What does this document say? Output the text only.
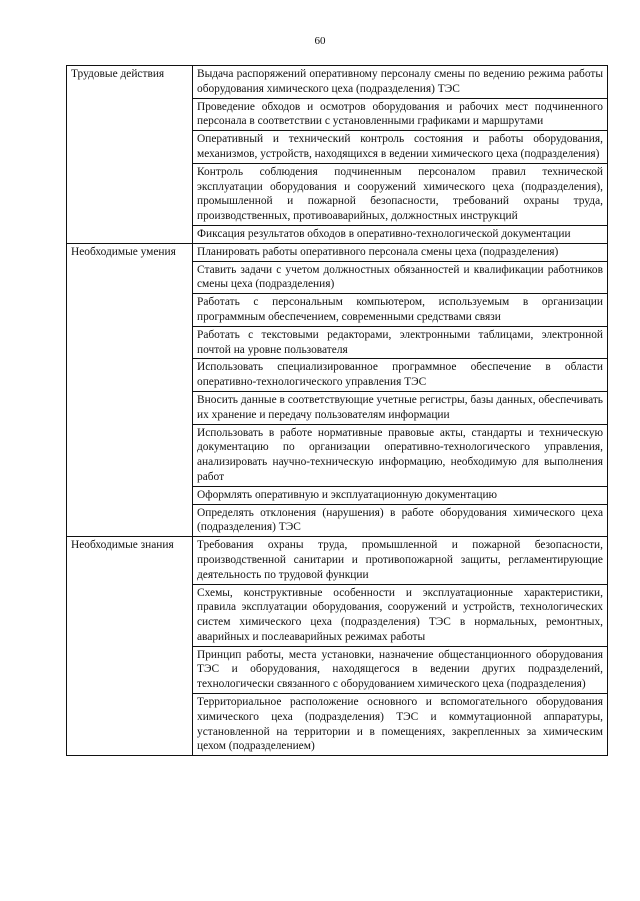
60
Трудовые действия	Выдача распоряжений оперативному персоналу смены по ведению режима работы оборудования химического цеха (подразделения) ТЭС

	Проведение обходов и осмотров оборудования и рабочих мест подчиненного персонала в соответствии с установленными графиками и маршрутами

	Оперативный и технический контроль состояния и работы оборудования, механизмов, устройств, находящихся в ведении химического цеха (подразделения)

	Контроль соблюдения подчиненным персоналом правил технической эксплуатации оборудования и сооружений химического цеха (подразделения), промышленной и пожарной безопасности, требований охраны труда, производственных, противоаварийных, должностных инструкций

	Фиксация результатов обходов в оперативно-технологической документации

Необходимые умения	Планировать работы оперативного персонала смены цеха (подразделения)

	Ставить задачи с учетом должностных обязанностей и квалификации работников смены цеха (подразделения)

	Работать с персональным компьютером, используемым в организации программным обеспечением, современными средствами связи

	Работать с текстовыми редакторами, электронными таблицами, электронной почтой на уровне пользователя

	Использовать специализированное программное обеспечение в области оперативно-технологического управления ТЭС

	Вносить данные в соответствующие учетные регистры, базы данных, обеспечивать их хранение и передачу пользователям информации

	Использовать в работе нормативные правовые акты, стандарты и техническую документацию по организации оперативно-технологического управления, анализировать научно-техническую информацию, необходимую для выполнения работ

	Оформлять оперативную и эксплуатационную документацию

	Определять отклонения (нарушения) в работе оборудования химического цеха (подразделения) ТЭС

Необходимые знания	Требования охраны труда, промышленной и пожарной безопасности, производственной санитарии и противопожарной защиты, регламентирующие деятельность по трудовой функции

	Схемы, конструктивные особенности и эксплуатационные характеристики, правила эксплуатации оборудования, сооружений и устройств, технологических систем химического цеха (подразделения) ТЭС в нормальных, ремонтных, аварийных и послеаварийных режимах работы

	Принцип работы, места установки, назначение общестанционного оборудования ТЭС и оборудования, находящегося в ведении других подразделений, технологически связанного с оборудованием химического цеха (подразделения)

	Территориальное расположение основного и вспомогательного оборудования химического цеха (подразделения) ТЭС и коммутационной аппаратуры, установленной на территории и в помещениях, закрепленных за химическим цехом (подразделением)
